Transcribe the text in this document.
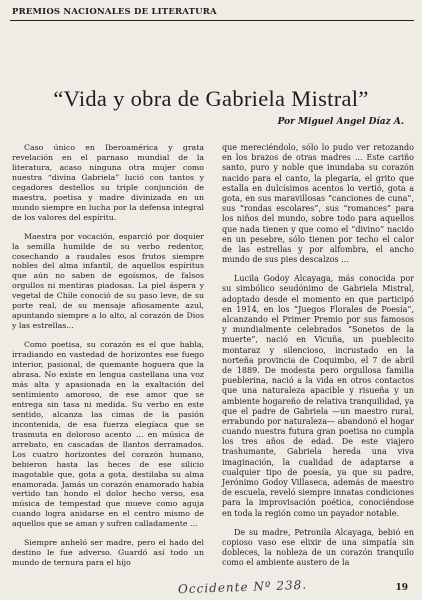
PREMIOS NACIONALES DE LITERATURA
“Vida y obra de Gabriela Mistral”
Por Miguel Angel Díaz A.

Caso único en Iberoamérica y grata revelación en el parnaso mundial de la literatura, acaso ninguna otra mujer como nuestra “divina Gabriela” lució con tantos y cegadores destellos su triple conjunción de maestra, poetisa y madre divinizada en un mundo siempre en lucha por la defensa integral de los valores del espíritu.

Maestra por vocación, esparció por doquier la semilla humilde de su verbo redentor, cosechando a raudales esos frutos siempre nobles del alma infantil, de aquellos espíritus que aún no saben de egoísmos, de falsos orgullos ni mentiras piadosas. La piel áspera y vegetal de Chile conoció de su paso leve, de su porte real, de su mensaje afiosamente azul, apuntando siempre a lo alto, al corazón de Dios y las estrellas...

Como poetisa, su corazón es el que habla, irradiando en vastedad de horizontes ese fuego interior, pasional, de quemante hoguera que la abrasa. No existe en lengua castellana una voz más alta y apasionada en la exaltación del sentimiento amoroso, de ese amor que se entrega sin tasa ni medida. Su verbo en este sentido, alcanza las cimas de la pasión incontenida, de esa fuerza elegíaca que se trasmuta en doloroso acento ... en música de arrebato, en cascadas de llantos derramados. Los cuatro horizontes del corazón humano, bebieron hasta las heces de ese silicio inagotable que, gota a gota, destilaba su alma enamorada. Jamás un corazón enamorado había vertido tan hondo el dolor hecho verso, esa música de tempestad que mueve como aguja cuando logra anidarse en el centro mismo de aquellos que se aman y sufren calladamente ...

Siempre anheló ser madre, pero el hado del destino le fue adverso. Guardó así todo un mundo de ternura para el hijo

que mereciéndolo, sólo lo pudo ver retozando en los brazos de otras madres ... Este cariño santo, puro y noble que inundaba su corazón nacido para el canto, la plegaria, el grito que estalla en dulcísimos acentos lo vertió, gota a gota, en sus maravillosas “canciones de cuna”, sus “rondas escolares”, sus “romances” para los niños del mundo, sobre todo para aquellos que nada tienen y que como el “divino” nacido en un pesebre, sólo tienen por techo el calor de las estrellas y por alfombra, el ancho mundo de sus pies descalzos ...

Lucila Godoy Alcayaga, más conocida por su simbólico seudónimo de Gabriela Mistral, adoptado desde el momento en que participó en 1914, en los “Juegos Florales de Poesía”, alcanzando el Primer Premio por sus famosos y mundialmente celebrados “Sonetos de la muerte”, nació en Vicuña, un pueblecito montaraz y silencioso, incrustado en la norteña provincia de Coquimbo, el 7 de abril de 1889. De modesta pero orgullosa familia pueblerina, nació a la vida en otros contactos que una naturaleza apacible y risueña y un ambiente hogareño de relativa tranquilidad, ya que el padre de Gabriela —un maestro rural, errabundo por naturaleza— abandonó el hogar cuando nuestra futura gran poetisa no cumpla los tres años de edad. De este viajero trashumante, Gabriela hereda una viva imaginación, la cualidad de adaptarse a cualquier tipo de poesía, ya que su padre, Jerónimo Godoy Villaseca, además de maestro de escuela, reveló siempre innatas condiciones para la improvisación poética, conociéndose en toda la región como un payador notable.

De su madre, Petronila Alcayaga, bebió en copioso vaso ese elixir de una simpatía sin dobleces, la nobleza de un corazón tranquilo como el ambiente austero de la

Occidente Nº 238.	19
